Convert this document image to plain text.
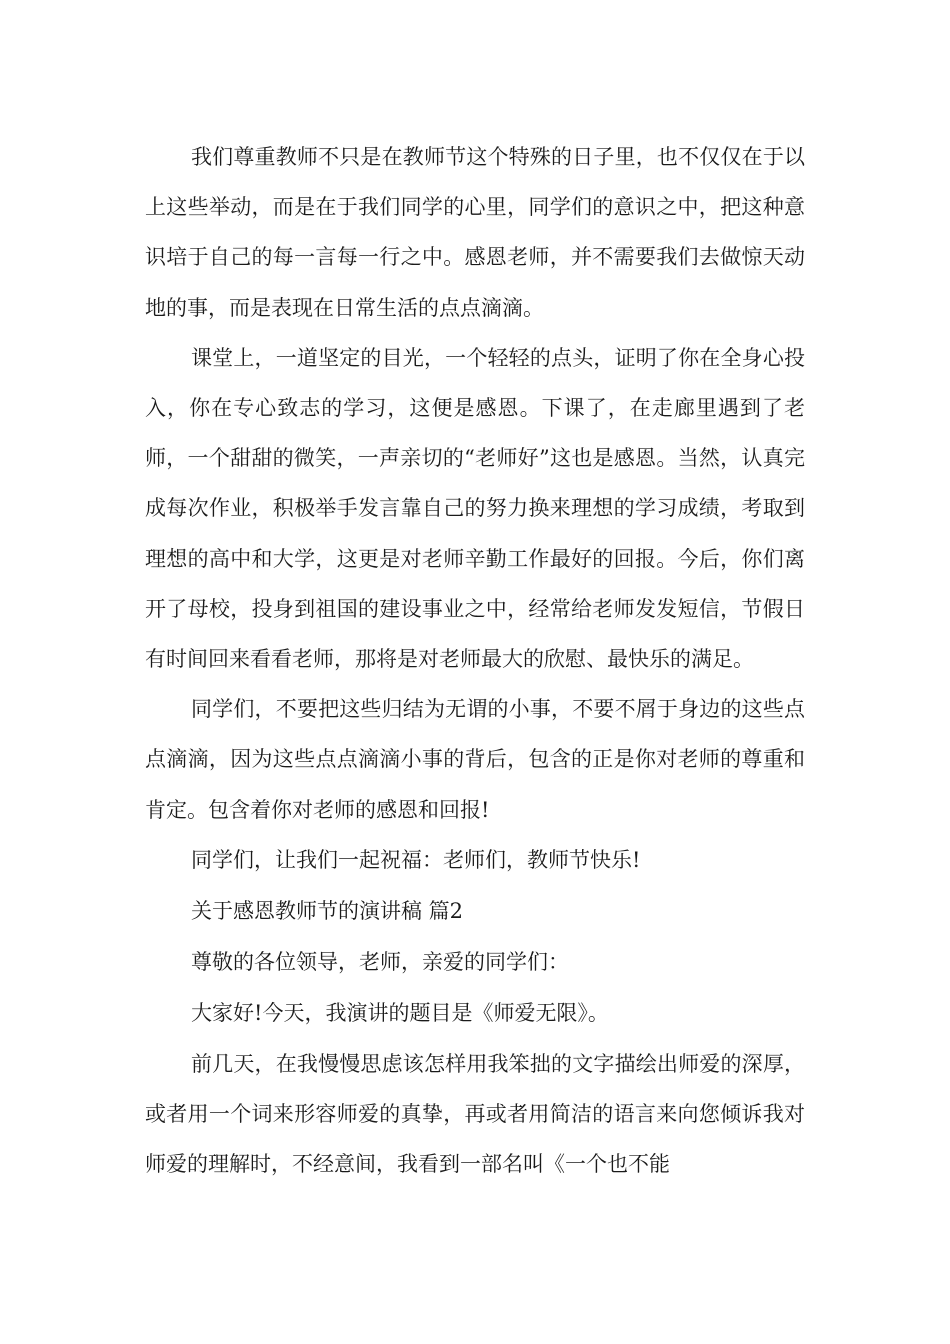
我们尊重教师不只是在教师节这个特殊的日子里，也不仅仅在于以上这些举动，而是在于我们同学的心里，同学们的意识之中，把这种意识培于自己的每一言每一行之中。感恩老师，并不需要我们去做惊天动地的事，而是表现在日常生活的点点滴滴。

课堂上，一道坚定的目光，一个轻轻的点头，证明了你在全身心投入，你在专心致志的学习，这便是感恩。下课了，在走廊里遇到了老师，一个甜甜的微笑，一声亲切的“老师好”这也是感恩。当然，认真完成每次作业，积极举手发言靠自己的努力换来理想的学习成绩，考取到理想的高中和大学，这更是对老师辛勤工作最好的回报。今后，你们离开了母校，投身到祖国的建设事业之中，经常给老师发发短信，节假日有时间回来看看老师，那将是对老师最大的欣慰、最快乐的满足。

同学们，不要把这些归结为无谓的小事，不要不屑于身边的这些点点滴滴，因为这些点点滴滴小事的背后，包含的正是你对老师的尊重和肯定。包含着你对老师的感恩和回报!

同学们，让我们一起祝福：老师们，教师节快乐!

关于感恩教师节的演讲稿 篇2

尊敬的各位领导，老师，亲爱的同学们：

大家好!今天，我演讲的题目是《师爱无限》。

前几天，在我慢慢思虑该怎样用我笨拙的文字描绘出师爱的深厚，或者用一个词来形容师爱的真挚，再或者用简洁的语言来向您倾诉我对师爱的理解时，不经意间，我看到一部名叫《一个也不能
